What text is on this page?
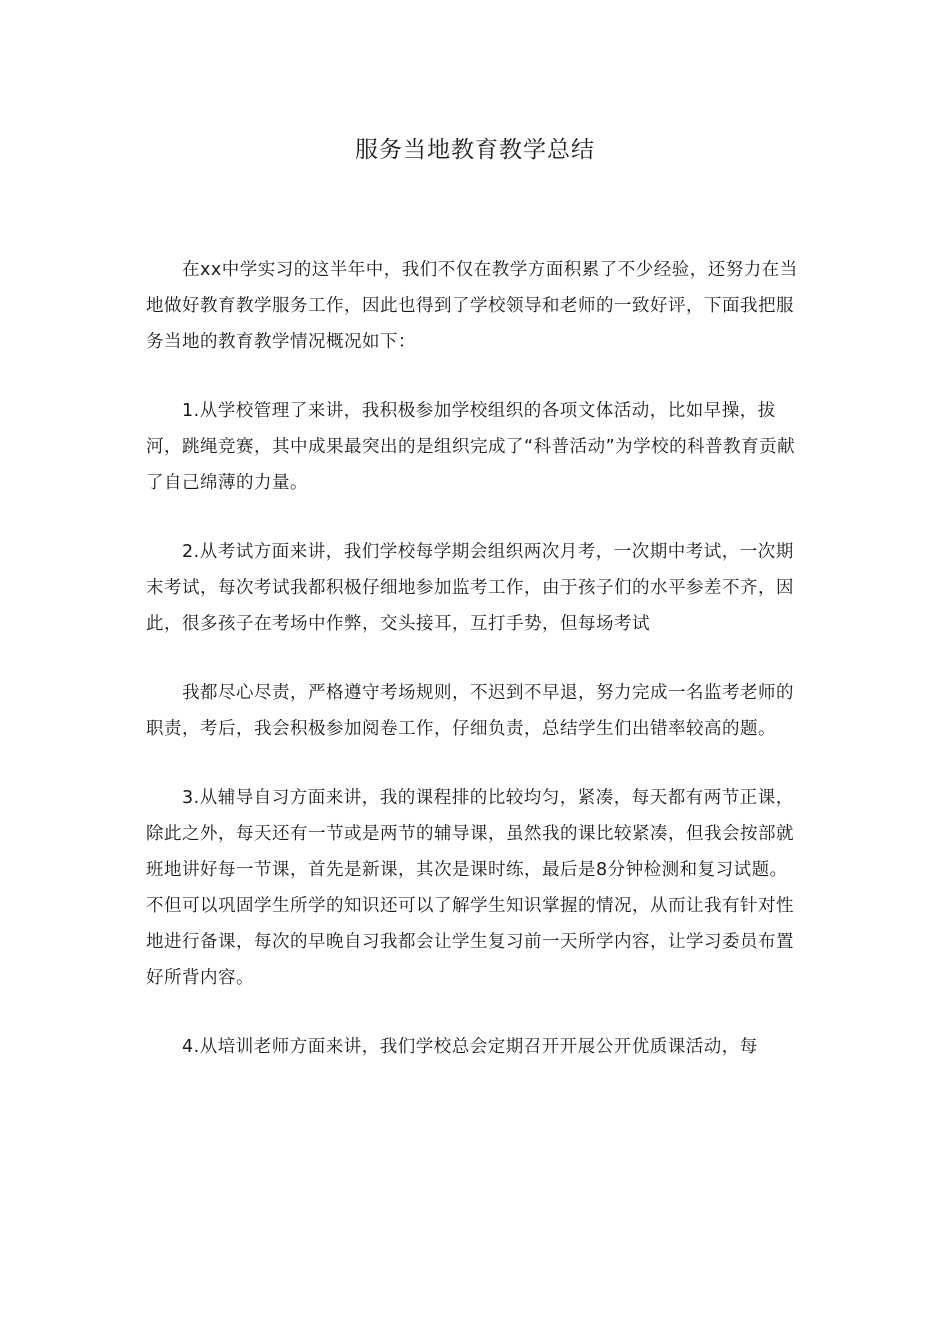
服务当地教育教学总结

在xx中学实习的这半年中，我们不仅在教学方面积累了不少经验，还努力在当地做好教育教学服务工作，因此也得到了学校领导和老师的一致好评，下面我把服务当地的教育教学情况概况如下：

1.从学校管理了来讲，我积极参加学校组织的各项文体活动，比如早操，拔河，跳绳竞赛，其中成果最突出的是组织完成了“科普活动”为学校的科普教育贡献了自己绵薄的力量。

2.从考试方面来讲，我们学校每学期会组织两次月考，一次期中考试，一次期末考试，每次考试我都积极仔细地参加监考工作，由于孩子们的水平参差不齐，因此，很多孩子在考场中作弊，交头接耳，互打手势，但每场考试

我都尽心尽责，严格遵守考场规则，不迟到不早退，努力完成一名监考老师的职责，考后，我会积极参加阅卷工作，仔细负责，总结学生们出错率较高的题。

3.从辅导自习方面来讲，我的课程排的比较均匀，紧凑，每天都有两节正课，除此之外，每天还有一节或是两节的辅导课，虽然我的课比较紧凑，但我会按部就班地讲好每一节课，首先是新课，其次是课时练，最后是8分钟检测和复习试题。不但可以巩固学生所学的知识还可以了解学生知识掌握的情况，从而让我有针对性地进行备课，每次的早晚自习我都会让学生复习前一天所学内容，让学习委员布置好所背内容。

4.从培训老师方面来讲，我们学校总会定期召开开展公开优质课活动，每
